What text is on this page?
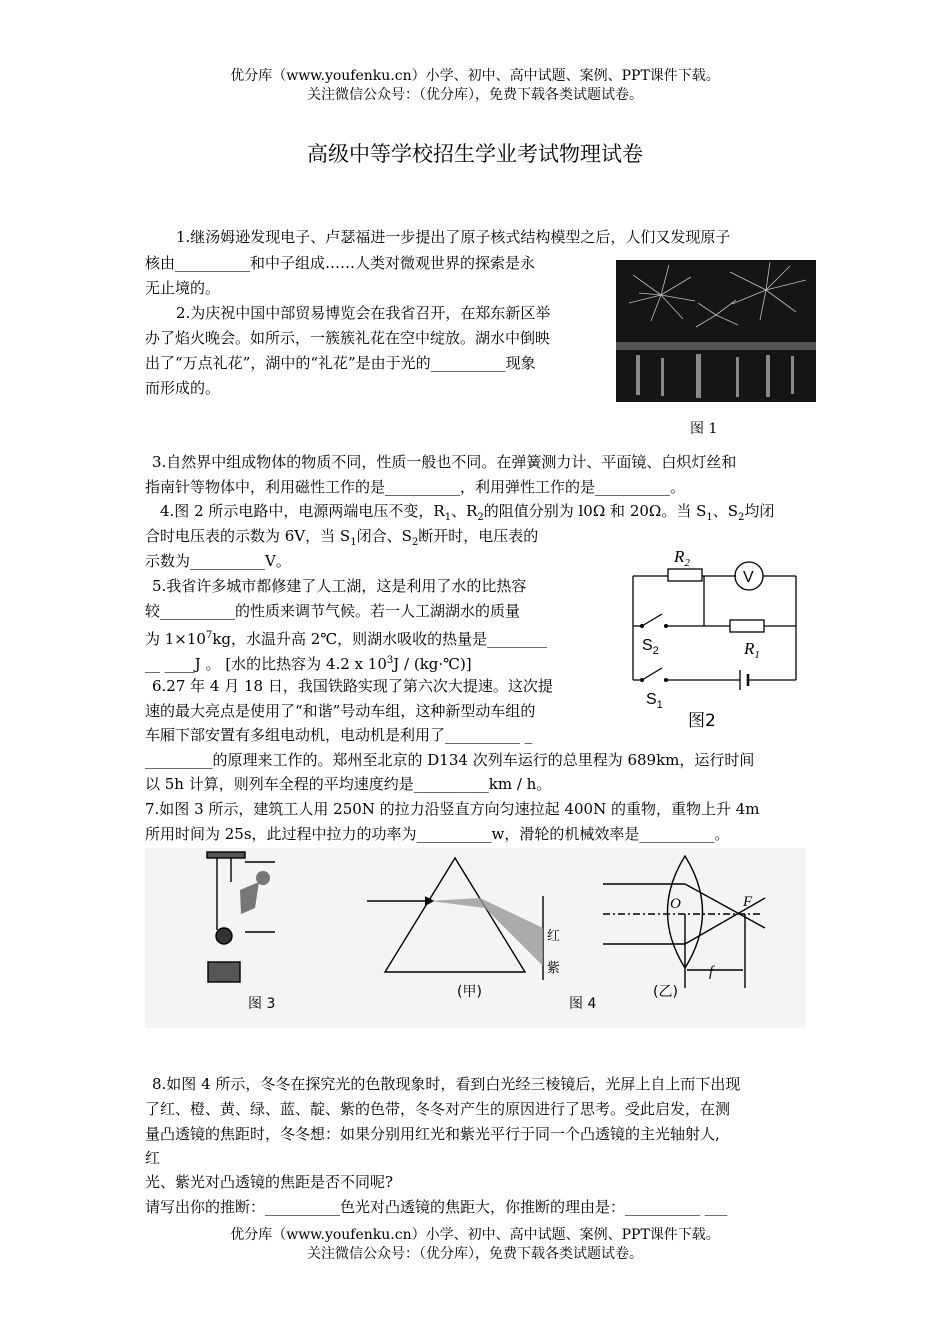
优分库（www.youfenku.cn）小学、初中、高中试题、案例、PPT课件下载。
关注微信公众号：（优分库），免费下载各类试题试卷。
高级中等学校招生学业考试物理试卷
1.继汤姆逊发现电子、卢瑟福进一步提出了原子核式结构模型之后，人们又发现原子
核由__________和中子组成……人类对微观世界的探索是永
无止境的。
2.为庆祝中国中部贸易博览会在我省召开，在郑东新区举
办了焰火晚会。如所示，一簇簇礼花在空中绽放。湖水中倒映
出了“万点礼花”，湖中的“礼花”是由于光的__________现象
而形成的。
图 1
3.自然界中组成物体的物质不同，性质一般也不同。在弹簧测力计、平面镜、白炽灯丝和
指南针等物体中，利用磁性工作的是__________，利用弹性工作的是__________。
4.图 2 所示电路中，电源两端电压不变，$R_1$、$R_2$的阻值分别为 l0Ω 和 20Ω。当 $S_1$、$S_2$均闭
合时电压表的示数为 6V，当 $S_1$闭合、$S_2$断开时，电压表的
示数为__________V。
5.我省许多城市都修建了人工湖，这是利用了水的比热容
较__________的性质来调节气候。若一人工湖湖水的质量
为 $1\times 10^7kg$，水温升高 2℃，则湖水吸收的热量是________
__ ____J 。 [水的比热容为 4.2 x $10^3J$ / (kg·℃)]
6.27 年 4 月 18 日，我国铁路实现了第六次大提速。这次提
速的最大亮点是使用了“和谐”号动车组，这种新型动车组的
车厢下部安置有多组电动机，电动机是利用了__________ _
_________的原理来工作的。郑州至北京的 D134 次列车运行的总里程为 689km，运行时间
以 5h 计算，则列车全程的平均速度约是__________km / h。
$R_2$
V
$S_2$	$R_1$
$S_1$
图2
7.如图 3 所示，建筑工人用 250N 的拉力沿竖直方向匀速拉起 400N 的重物，重物上升 4m
所用时间为 25s，此过程中拉力的功率为__________w，滑轮的机械效率是__________。
图 3
红
紫
(甲)
图 4
O	F
f
(乙)
8.如图 4 所示，冬冬在探究光的色散现象时，看到白光经三棱镜后，光屏上自上而下出现
了红、橙、黄、绿、蓝、靛、紫的色带，冬冬对产生的原因进行了思考。受此启发，在测
量凸透镜的焦距时，冬冬想：如果分别用红光和紫光平行于同一个凸透镜的主光轴射人,
红
光、紫光对凸透镜的焦距是否不同呢?
请写出你的推断：__________色光对凸透镜的焦距大，你推断的理由是：__________ ___
优分库（www.youfenku.cn）小学、初中、高中试题、案例、PPT课件下载。
关注微信公众号：（优分库），免费下载各类试题试卷。
